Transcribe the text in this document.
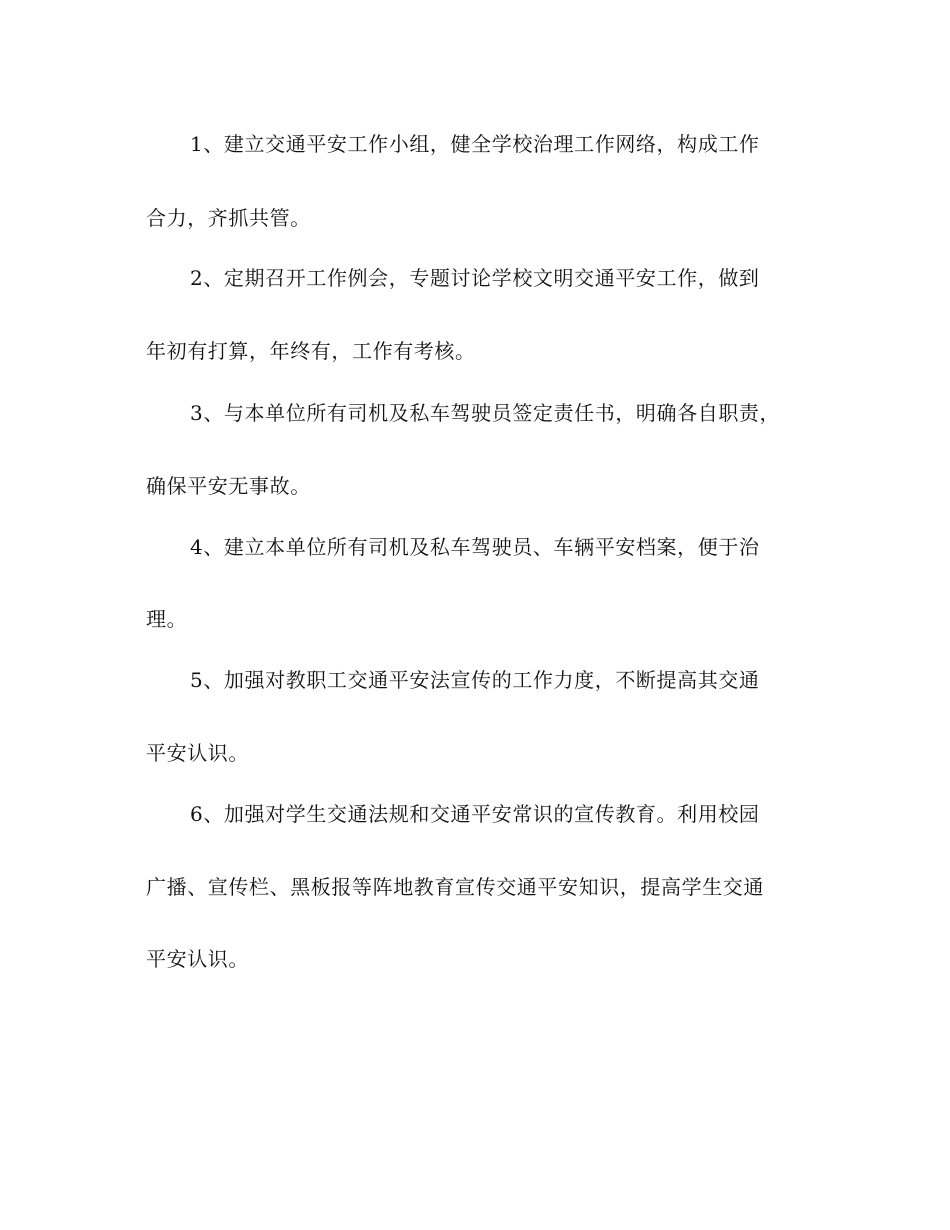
1、建立交通平安工作小组，健全学校治理工作网络，构成工作
合力，齐抓共管。
2、定期召开工作例会，专题讨论学校文明交通平安工作，做到
年初有打算，年终有，工作有考核。
3、与本单位所有司机及私车驾驶员签定责任书，明确各自职责，
确保平安无事故。
4、建立本单位所有司机及私车驾驶员、车辆平安档案，便于治
理。
5、加强对教职工交通平安法宣传的工作力度，不断提高其交通
平安认识。
6、加强对学生交通法规和交通平安常识的宣传教育。利用校园
广播、宣传栏、黑板报等阵地教育宣传交通平安知识，提高学生交通
平安认识。
